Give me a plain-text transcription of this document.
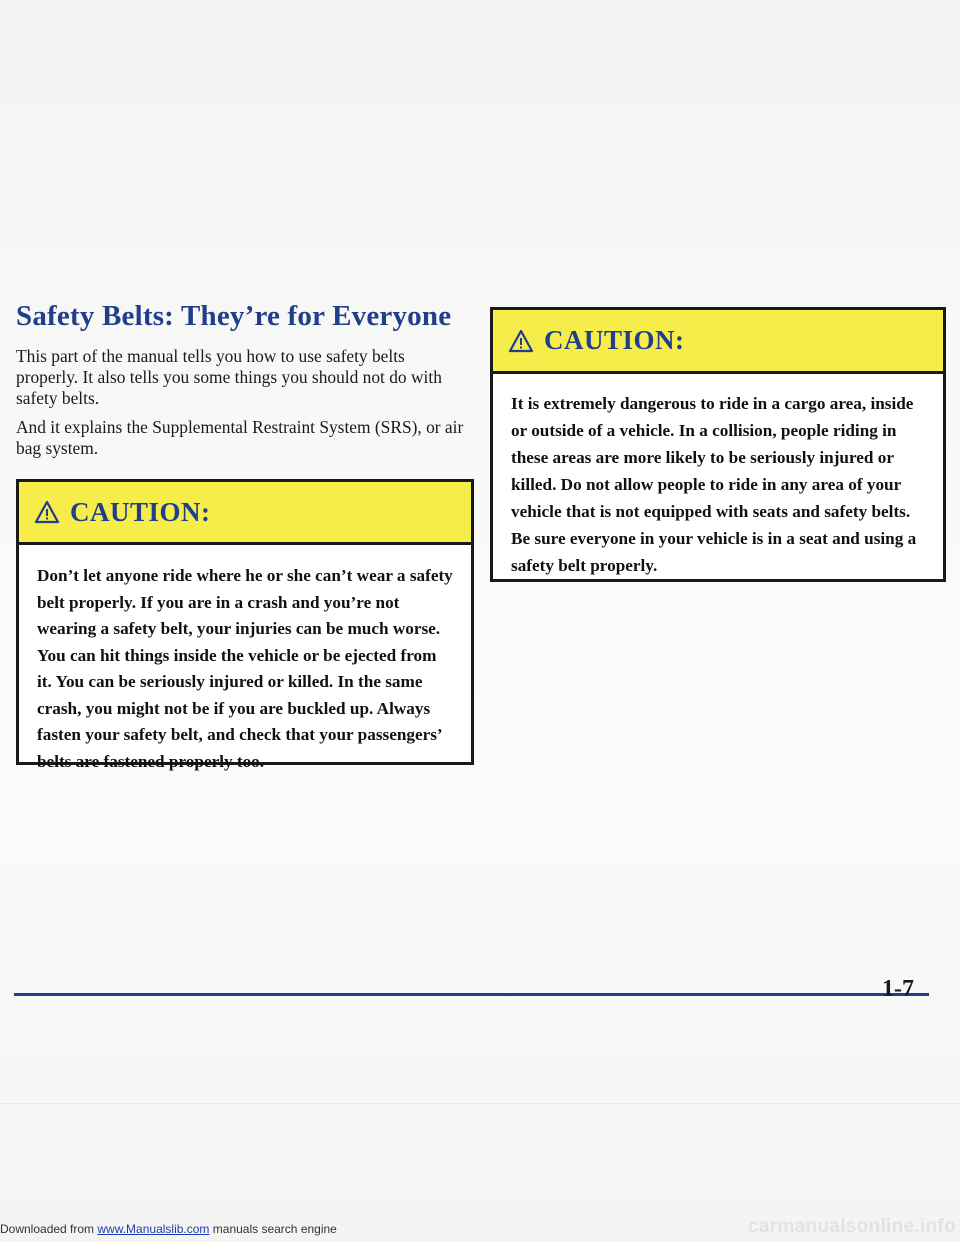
Safety Belts: They’re for Everyone

This part of the manual tells you how to use safety belts properly. It also tells you some things you should not do with safety belts.

And it explains the Supplemental Restraint System (SRS), or air bag system.

CAUTION:
Don’t let anyone ride where he or she can’t wear a safety belt properly. If you are in a crash and you’re not wearing a safety belt, your injuries can be much worse. You can hit things inside the vehicle or be ejected from it. You can be seriously injured or killed. In the same crash, you might not be if you are buckled up. Always fasten your safety belt, and check that your passengers’ belts are fastened properly too.
CAUTION:
It is extremely dangerous to ride in a cargo area, inside or outside of a vehicle. In a collision, people riding in these areas are more likely to be seriously injured or killed. Do not allow people to ride in any area of your vehicle that is not equipped with seats and safety belts. Be sure everyone in your vehicle is in a seat and using a safety belt properly.
1-7
Downloaded from www.Manualslib.com manuals search engine	carmanualsonline.info
